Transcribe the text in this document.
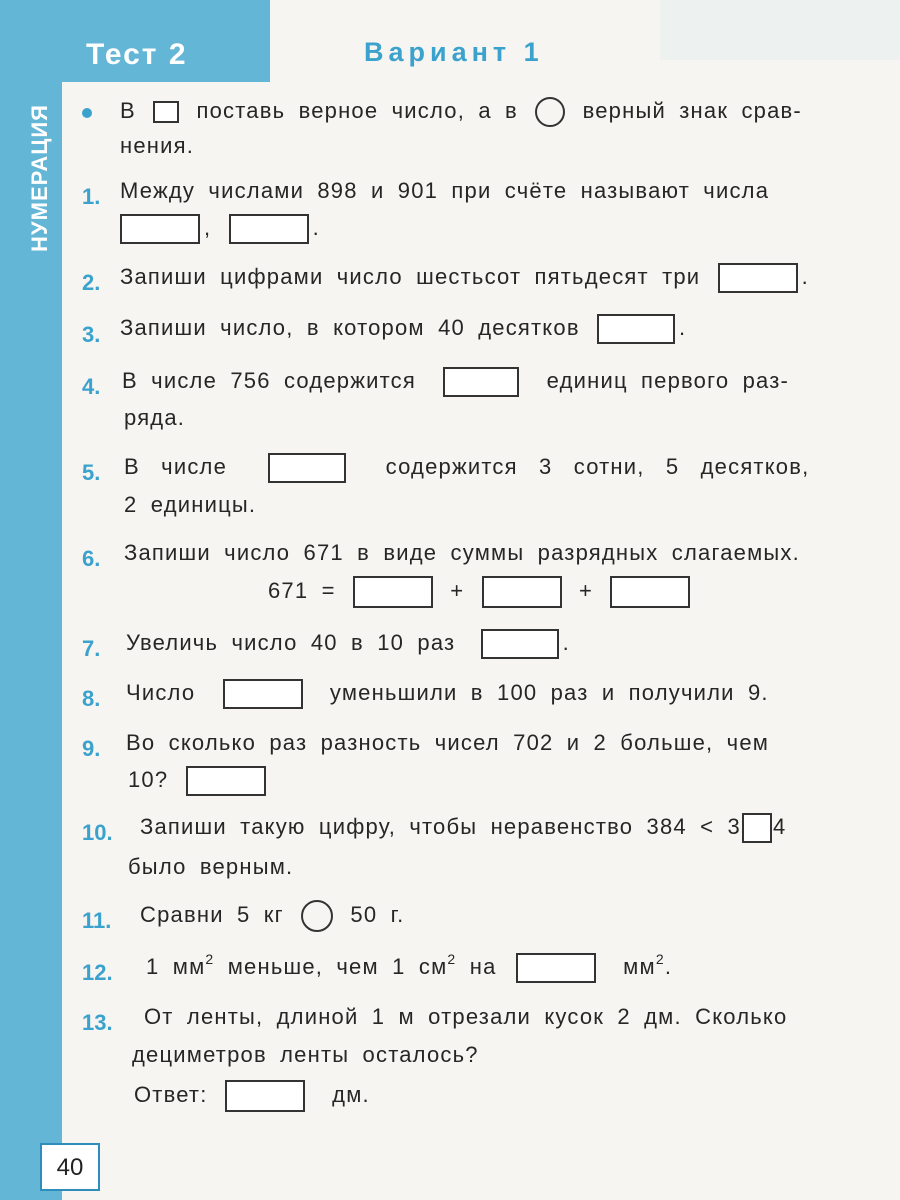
Тест 2	Вариант 1
НУМЕРАЦИЯ	В	поставь верное число, а в	верный знак срав-
нения.
1. Между числами 898 и 901 при счёте называют числа
,	.
2. Запиши цифрами число шестьсот пятьдесят три	.
3. Запиши число, в котором 40 десятков	.
4. В числе 756 содержится	единиц первого раз-
ряда.
5. В числе	содержится 3 сотни, 5 десятков,
2 единицы.
6. Запиши число 671 в виде суммы разрядных слагаемых.
671 =	+	+
7. Увеличь число 40 в 10 раз	.
8. Число	уменьшили в 100 раз и получили 9.
9. Во сколько раз разность чисел 702 и 2 больше, чем
10?
10. Запиши такую цифру, чтобы неравенство 384 < 3 4
было верным.
11. Сравни 5 кг	50 г.
12. 1 $мм^2$ меньше, чем 1 $см^2$ на	$мм^2$.
13. От ленты, длиной 1 м отрезали кусок 2 дм. Сколько
дециметров ленты осталось?
Ответ:	дм.
40
